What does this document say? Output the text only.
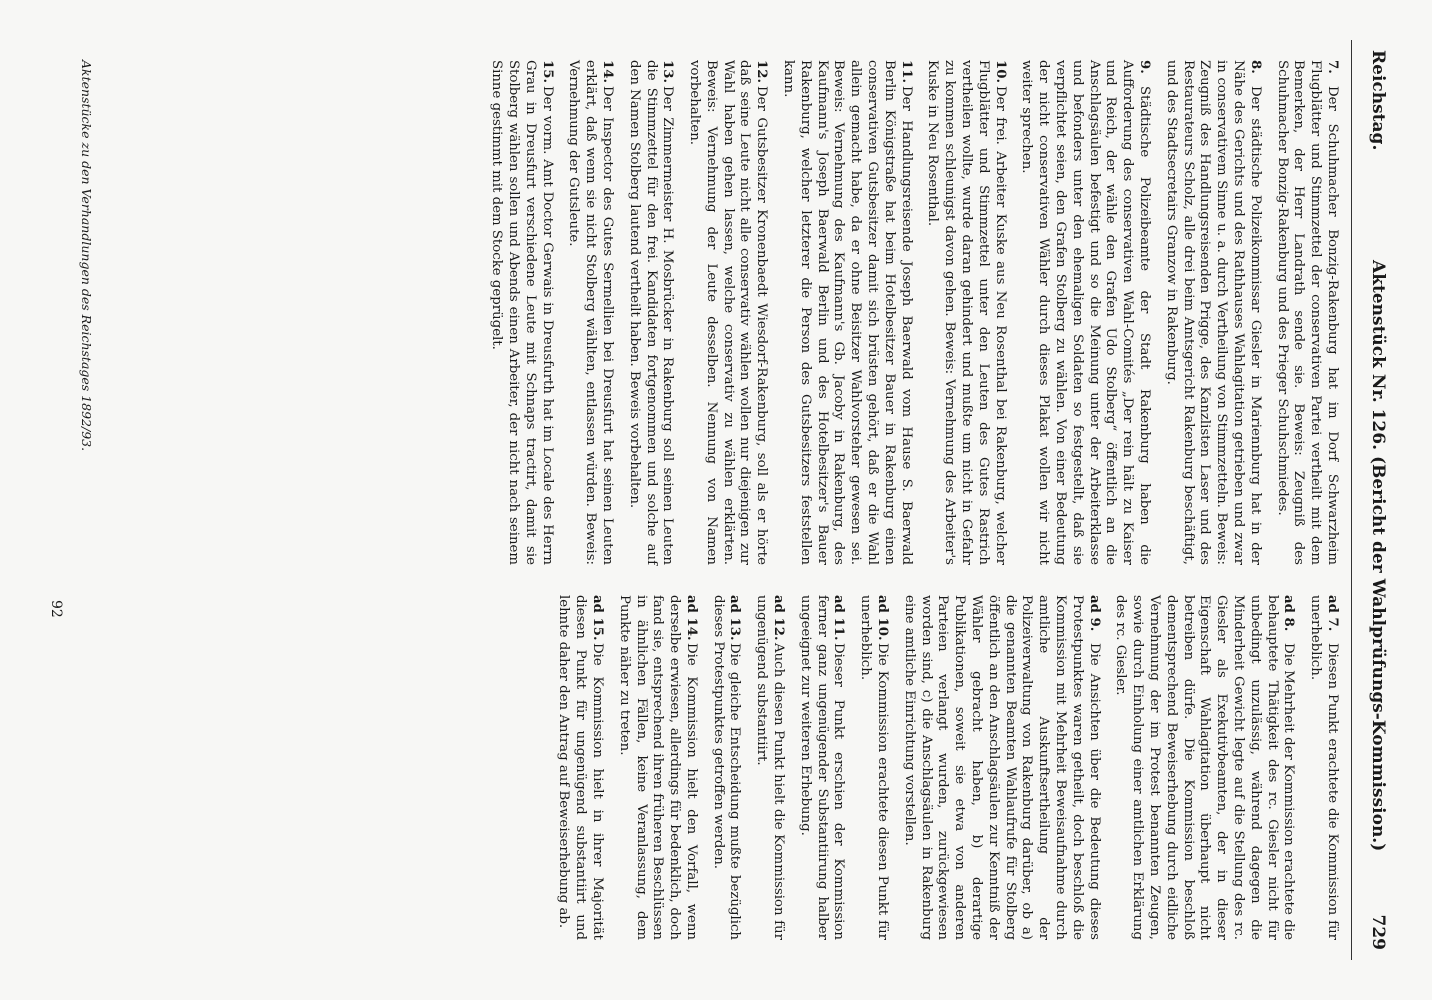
Reichstag.
Aktenstück Nr. 126. (Bericht der Wahlprüfungs-Kommission.)
729
7.Der Schuhmacher Bonzig-Rakenburg hat im Dorf Schwarzheim Flugblätter und Stimmzettel der conservativen Partei vertheilt mit dem Bemerken, der Herr Landrath sende sie. Beweis: Zeugniß des Schuhmacher Bonzig-Rakenburg und des Prieger Schuhschmiedes.
8.Der städtische Polizeikommissar Giesler in Mariennburg hat in der Nähe des Gerichts und des Rathhauses Wahlagitation getrieben und zwar in conservativem Sinne u. a. durch Vertheilung von Stimmzetteln. Beweis: Zeugniß des Handlungsreisenden Prigge, des Kanzlisten Laser und des Restaurateurs Scholz, alle drei beim Amtsgericht Rakenburg beschäftigt, und des Stadtsecretairs Granzow in Rakenburg.
9.Städtische Polizeibeamte der Stadt Rakenburg haben die Aufforderung des conservativen Wahl-Comités „Der rein hält zu Kaiser und Reich, der wähle den Grafen Udo Stolberg“ öffentlich an die Anschlagsäulen befestigt und so die Meinung unter der Arbeiterklasse und befonders unter den ehemaligen Soldaten so festgestellt, daß sie verpflichtet seien, den Grafen Stolberg zu wählen. Von einer Bedeutung der nicht conservativen Wähler durch dieses Plakat wollen wir nicht weiter sprechen.
10.Der frei. Arbeiter Kuske aus Neu Rosenthal bei Rakenburg, welcher Flugblätter und Stimmzettel unter den Leuten des Gutes Rastrich vertheilen wollte, wurde daran gehindert und mußte um nicht in Gefahr zu kommen schleunigst davon gehen. Beweis: Vernehmung des Arbeiter's Kuske in Neu Rosenthal.
11.Der Handlungsreisende Joseph Baerwald vom Hause S. Baerwald Berlin Königstraße hat beim Hotelbesitzer Bauer in Rakenburg einen conservativen Gutsbesitzer damit sich brüsten gehört, daß er die Wahl allein gemacht habe, da er ohne Beisitzer Wahlvorsteher gewesen sei. Beweis: Vernehmung des Kaufmann's Gb. Jacoby in Rakenburg, des Kaufmann's Joseph Baerwald Berlin und des Hotelbesitzer's Bauer Rakenburg, welcher letzterer die Person des Gutsbesitzers feststellen kann.
12.Der Gutsbesitzer Kronenbaedt Wiesdorf-Rakenburg, soll als er hörte daß seine Leute nicht alle conservativ wählen wollen nur diejenigen zur Wahl haben gehen lassen, welche conservativ zu wählen erklärten. Beweis: Vernehmung der Leute desselben. Nennung von Namen vorbehalten.
13.Der Zimmermeister H. Mosbrücker in Rakenburg soll seinen Leuten die Stimmzettel für den frei. Kandidaten fortgenommen und solche auf den Namen Stolberg lautend vertheilt haben. Beweis vorbehalten.
14.Der Inspector des Gutes Sermellien bei Dreusfurt hat seinen Leuten erklärt, daß wenn sie nicht Stolberg wählten, entlassen würden. Beweis: Vernehmung der Gutsleute.
15.Der vorm. Amt Doctor Gerwais in Dreusfurth hat im Locale des Herrn Grau in Dreusfurt verschiedene Leute mit Schnaps tractirt, damit sie Stolberg wählen sollen und Abends einen Arbeiter, der nicht nach seinem Sinne gestimmt mit dem Stocke geprügelt.
ad 7.Diesen Punkt erachtete die Kommission für unerheblich.
ad 8.Die Mehrheit der Kommission erachtete die behauptete Thätigkeit des rc. Giesler nicht für unbedingt unzulässig, während dagegen die Minderheit Gewicht legte auf die Stellung des rc. Giesler als Exekutivbeamten, der in dieser Eigenschaft Wahlagitation überhaupt nicht betreiben dürfe. Die Kommission beschloß dementsprechend Beweiserhebung durch eidliche Vernehmung der im Protest benannten Zeugen, sowie durch Einholung einer amtlichen Erklärung des rc. Giesler.
ad 9.Die Ansichten über die Bedeutung dieses Protestpunktes waren getheilt, doch beschloß die Kommission mit Mehrheit Beweisaufnahme durch amtliche Auskunftsertheilung der Polizeiverwaltung von Rakenburg darüber, ob a) die genannten Beamten Wahlaufrufe für Stolberg öffentlich an den Anschlagsäulen zur Kenntniß der Wähler gebracht haben, b) derartige Publikationen, soweit sie etwa von anderen Parteien verlangt wurden, zurückgewiesen worden sind, c) die Anschlagsäulen in Rakenburg eine amtliche Einrichtung vorstellen.
ad 10.Die Kommission erachtete diesen Punkt für unerheblich.
ad 11.Dieser Punkt erschien der Kommission ferner ganz ungenügender Substantiirung halber ungeeignet zur weiteren Erhebung.
ad 12.Auch diesen Punkt hielt die Kommission für ungenügend substantiirt.
ad 13.Die gleiche Entscheidung mußte bezüglich dieses Protestpunktes getroffen werden.
ad 14.Die Kommission hielt den Vorfall, wenn derselbe erwiesen, allerdings für bedenklich, doch fand sie, entsprechend ihren früheren Beschlüssen in ähnlichen Fällen, keine Veranlassung, dem Punkte näher zu treten.
ad 15.Die Kommission hielt in ihrer Majorität diesen Punkt für ungenügend substantiirt und lehnte daher den Antrag auf Beweiserhebung ab.
Aktenstücke zu den Verhandlungen des Reichstages 1892/93.
92
